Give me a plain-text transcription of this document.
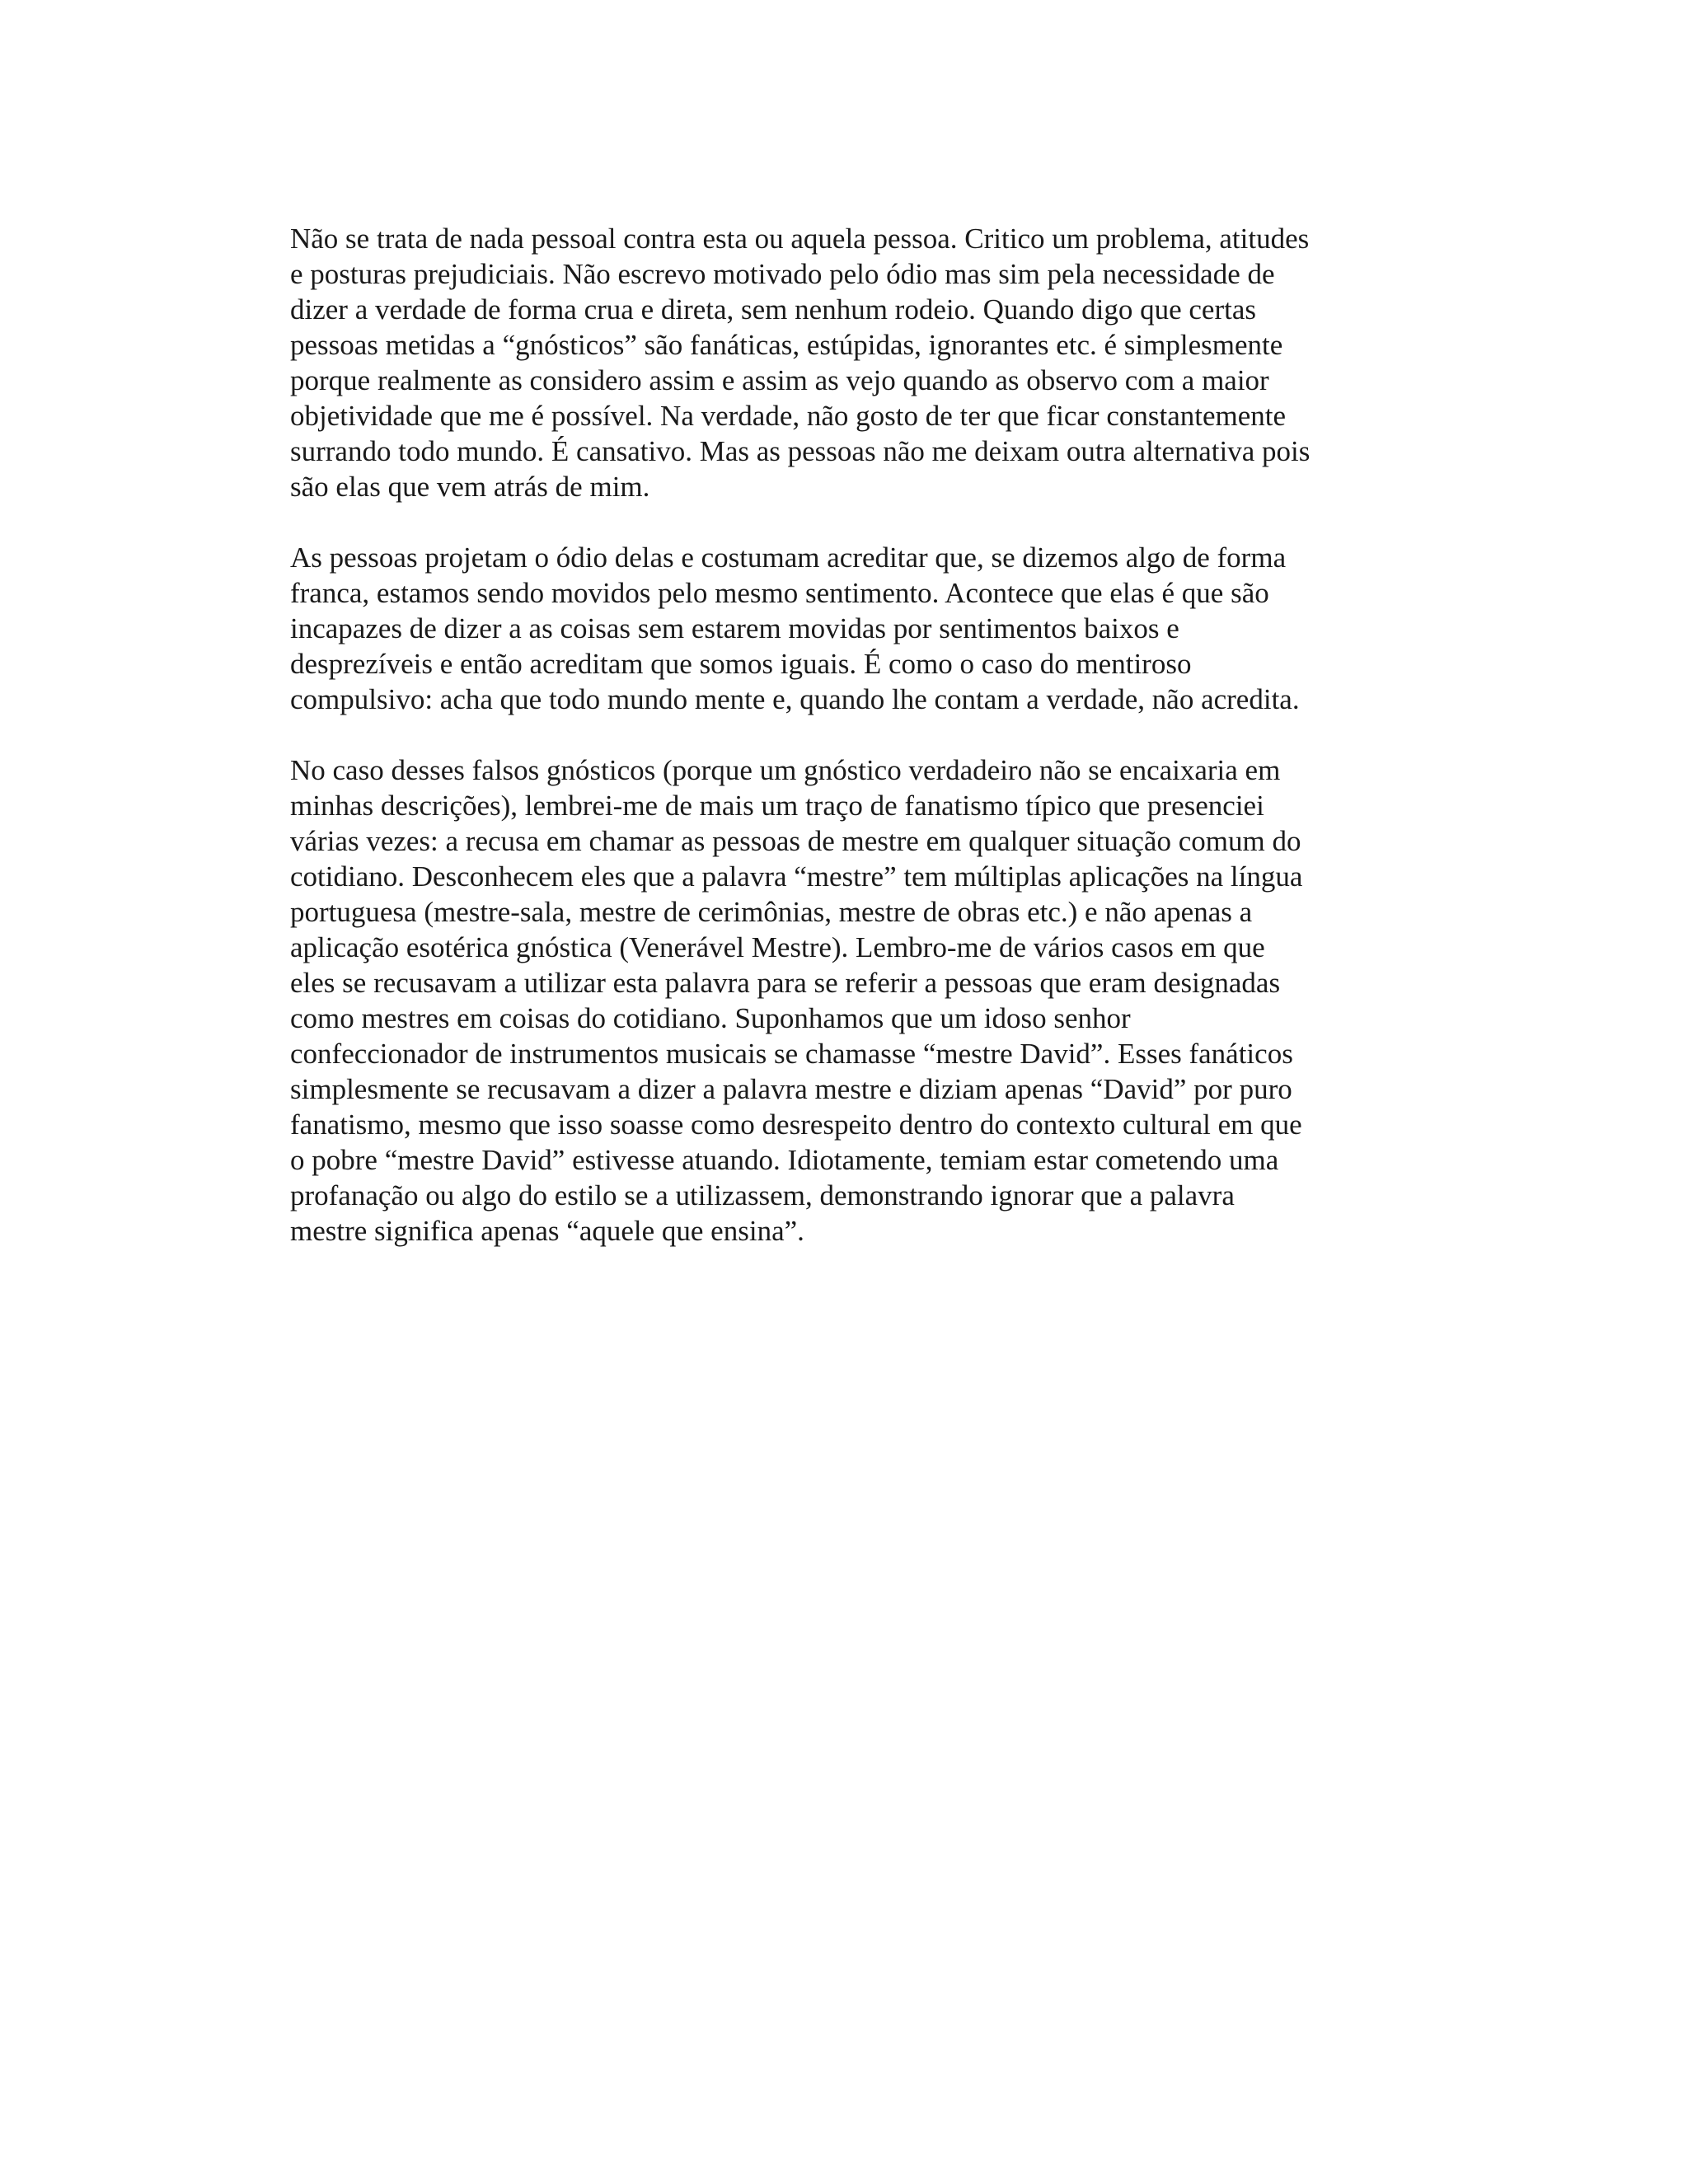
Não se trata de nada pessoal contra esta ou aquela pessoa. Critico um problema, atitudes
e posturas prejudiciais. Não escrevo motivado pelo ódio mas sim pela necessidade de
dizer a verdade de forma crua e direta, sem nenhum rodeio. Quando digo que certas
pessoas metidas a “gnósticos” são fanáticas, estúpidas, ignorantes etc. é simplesmente
porque realmente as considero assim e assim as vejo quando as observo com a maior
objetividade que me é possível. Na verdade, não gosto de ter que ficar constantemente
surrando todo mundo. É cansativo. Mas as pessoas não me deixam outra alternativa pois
são elas que vem atrás de mim.
As pessoas projetam o ódio delas e costumam acreditar que, se dizemos algo de forma
franca, estamos sendo movidos pelo mesmo sentimento. Acontece que elas é que são
incapazes de dizer a as coisas sem estarem movidas por sentimentos baixos e
desprezíveis e então acreditam que somos iguais. É como o caso do mentiroso
compulsivo: acha que todo mundo mente e, quando lhe contam a verdade, não acredita.
No caso desses falsos gnósticos (porque um gnóstico verdadeiro não se encaixaria em
minhas descrições), lembrei-me de mais um traço de fanatismo típico que presenciei
várias vezes: a recusa em chamar as pessoas de mestre em qualquer situação comum do
cotidiano. Desconhecem eles que a palavra “mestre” tem múltiplas aplicações na língua
portuguesa (mestre-sala, mestre de cerimônias, mestre de obras etc.) e não apenas a
aplicação esotérica gnóstica (Venerável Mestre). Lembro-me de vários casos em que
eles se recusavam a utilizar esta palavra para se referir a pessoas que eram designadas
como mestres em coisas do cotidiano. Suponhamos que um idoso senhor
confeccionador de instrumentos musicais se chamasse “mestre David”. Esses fanáticos
simplesmente se recusavam a dizer a palavra mestre e diziam apenas “David” por puro
fanatismo, mesmo que isso soasse como desrespeito dentro do contexto cultural em que
o pobre “mestre David” estivesse atuando. Idiotamente, temiam estar cometendo uma
profanação ou algo do estilo se a utilizassem, demonstrando ignorar que a palavra
mestre significa apenas “aquele que ensina”.
